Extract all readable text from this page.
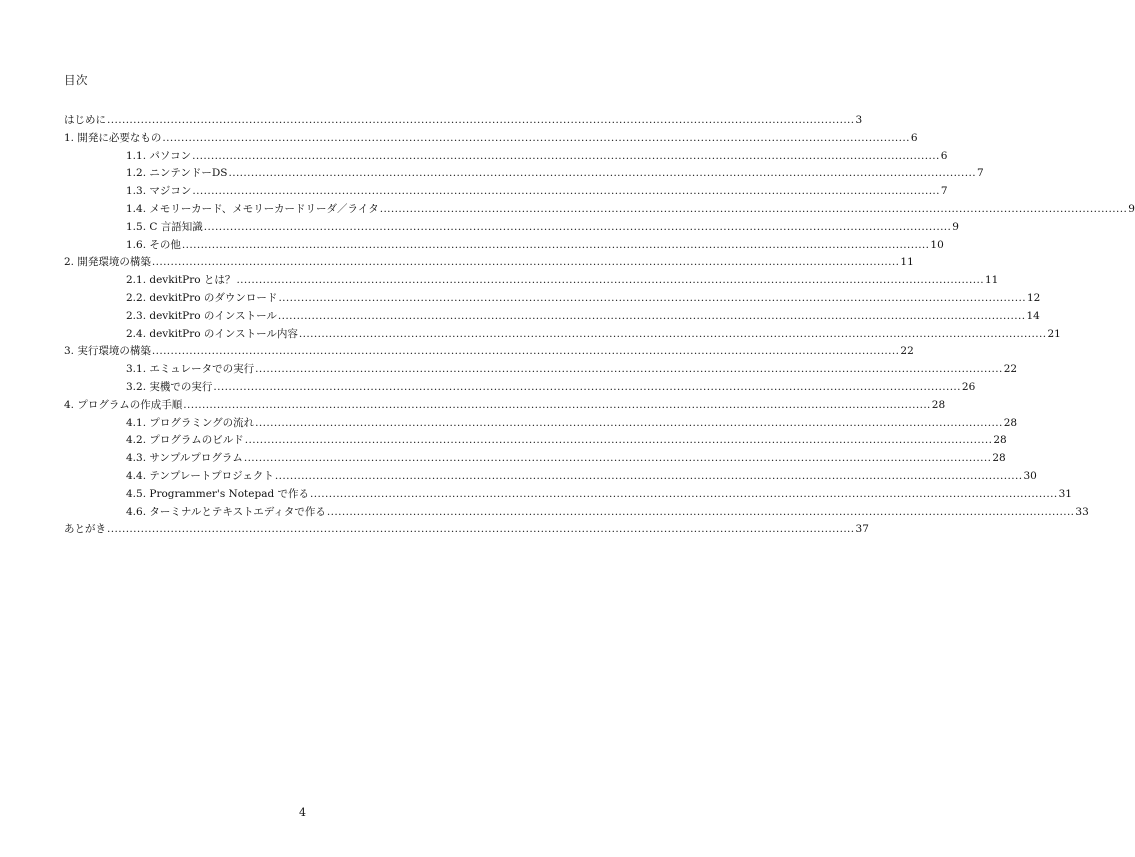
目次
はじめに ........................................................................................................................................................................................................ 3
1. 開発に必要なもの ........................................................................................................................................................................................................ 6
1.1. パソコン ........................................................................................................................................................................................................ 6
1.2. ニンテンドーDS ........................................................................................................................................................................................................ 7
1.3. マジコン ........................................................................................................................................................................................................ 7
1.4. メモリーカード、メモリーカードリーダ／ライタ ........................................................................................................................................................................................................ 9
1.5. C 言語知識 ........................................................................................................................................................................................................ 9
1.6. その他 ........................................................................................................................................................................................................ 10
2. 開発環境の構築 ........................................................................................................................................................................................................ 11
2.1. devkitPro とは？ ........................................................................................................................................................................................................ 11
2.2. devkitPro のダウンロード ........................................................................................................................................................................................................ 12
2.3. devkitPro のインストール ........................................................................................................................................................................................................ 14
2.4. devkitPro のインストール内容 ........................................................................................................................................................................................................ 21
3. 実行環境の構築 ........................................................................................................................................................................................................ 22
3.1. エミュレータでの実行 ........................................................................................................................................................................................................ 22
3.2. 実機での実行 ........................................................................................................................................................................................................ 26
4. プログラムの作成手順 ........................................................................................................................................................................................................ 28
4.1. プログラミングの流れ ........................................................................................................................................................................................................ 28
4.2. プログラムのビルド ........................................................................................................................................................................................................ 28
4.3. サンプルプログラム ........................................................................................................................................................................................................ 28
4.4. テンプレートプロジェクト ........................................................................................................................................................................................................ 30
4.5. Programmer's Notepad で作る ........................................................................................................................................................................................................ 31
4.6. ターミナルとテキストエディタで作る ........................................................................................................................................................................................................ 33
あとがき ........................................................................................................................................................................................................ 37
4
